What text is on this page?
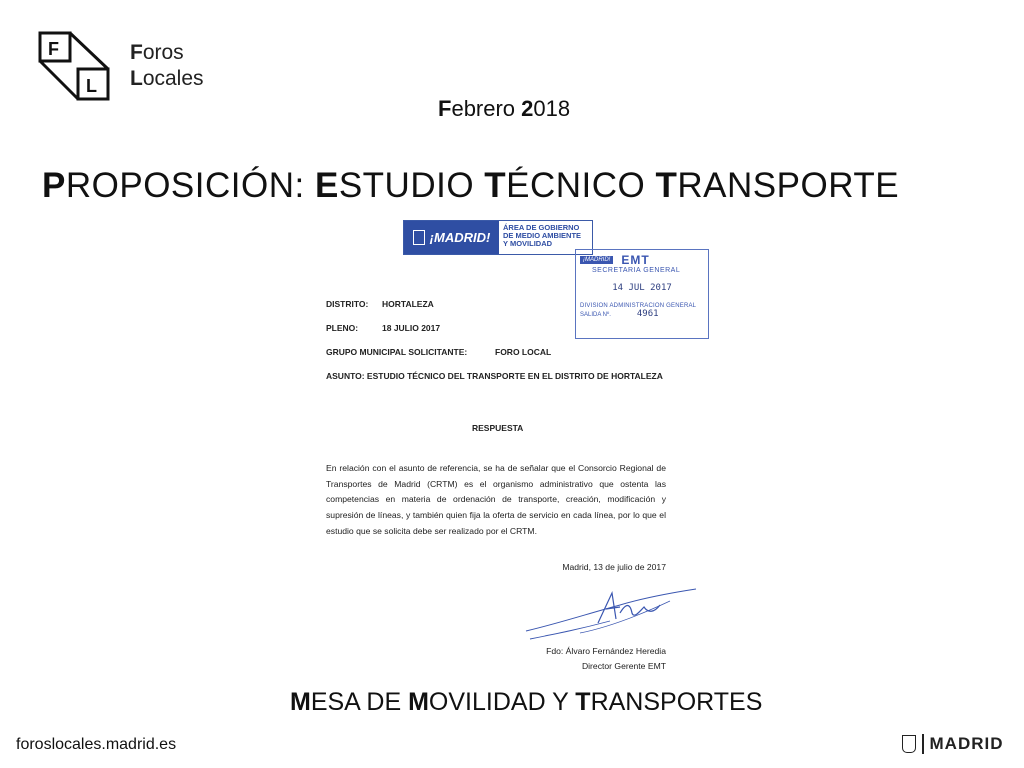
F
L
Foros
Locales
Febrero 2018
PROPOSICIÓN: ESTUDIO TÉCNICO TRANSPORTE
¡MADRID!
ÁREA DE GOBIERNO
DE MEDIO AMBIENTE
Y MOVILIDAD
¡MADRID! EMT
SECRETARIA GENERAL
14 JUL 2017
DIVISION ADMINISTRACION GENERAL
SALIDA Nº.	4961
DISTRITO: HORTALEZA
PLENO:	18 JULIO 2017
GRUPO MUNICIPAL SOLICITANTE:	FORO LOCAL
ASUNTO: ESTUDIO TÉCNICO DEL TRANSPORTE EN EL DISTRITO DE HORTALEZA
RESPUESTA
En relación con el asunto de referencia, se ha de señalar que el Consorcio Regional de Transportes de Madrid (CRTM) es el organismo administrativo que ostenta las competencias en materia de ordenación de transporte, creación, modificación y supresión de líneas, y también quien fija la oferta de servicio en cada línea, por lo que el estudio que se solicita debe ser realizado por el CRTM.
Madrid, 13 de julio de 2017
Fdo: Álvaro Fernández Heredia
Director Gerente EMT
MESA DE MOVILIDAD Y TRANSPORTES
foroslocales.madrid.es	MADRID
